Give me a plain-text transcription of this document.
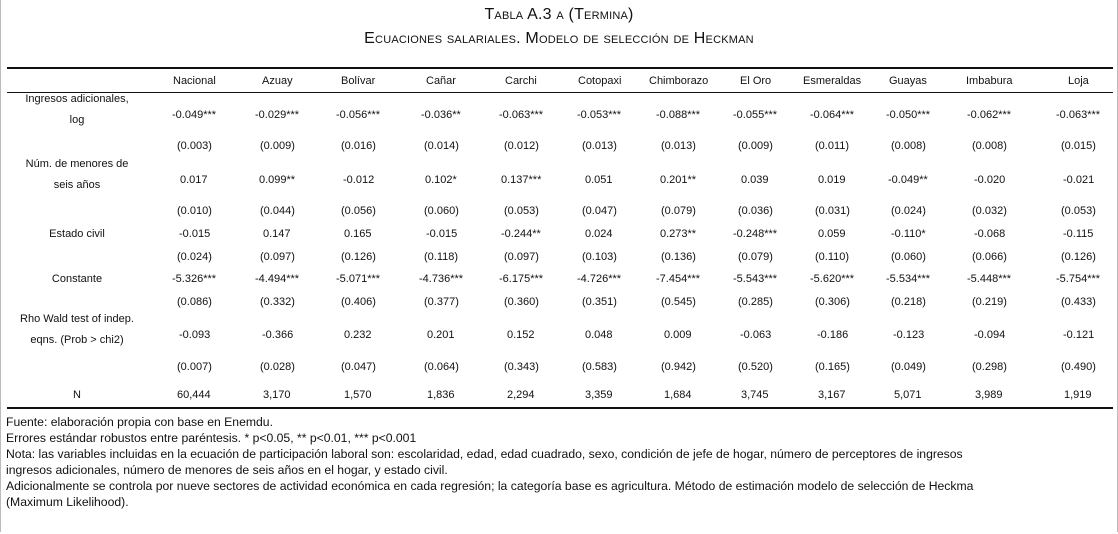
Tabla A.3 a (Termina)
Ecuaciones salariales. Modelo de selección de Heckman
Nacional	Azuay	Bolívar	Cañar	Carchi	Cotopaxi	Chimborazo	El Oro	Esmeraldas	Guayas	Imbabura	Loja
Ingresos adicionales,
log	-0.049***	-0.029***	-0.056***	-0.036**	-0.063***	-0.053***	-0.088***	-0.055***	-0.064***	-0.050***	-0.062***	-0.063***
(0.003)	(0.009)	(0.016)	(0.014)	(0.012)	(0.013)	(0.013)	(0.009)	(0.011)	(0.008)	(0.008)	(0.015)
Núm. de menores de
seis años	0.017	0.099**	-0.012	0.102*	0.137***	0.051	0.201**	0.039	0.019	-0.049**	-0.020	-0.021
(0.010)	(0.044)	(0.056)	(0.060)	(0.053)	(0.047)	(0.079)	(0.036)	(0.031)	(0.024)	(0.032)	(0.053)
Estado civil	-0.015	0.147	0.165	-0.015	-0.244**	0.024	0.273**	-0.248***	0.059	-0.110*	-0.068	-0.115
(0.024)	(0.097)	(0.126)	(0.118)	(0.097)	(0.103)	(0.136)	(0.079)	(0.110)	(0.060)	(0.066)	(0.126)
Constante	-5.326***	-4.494***	-5.071***	-4.736***	-6.175***	-4.726***	-7.454***	-5.543***	-5.620***	-5.534***	-5.448***	-5.754***
(0.086)	(0.332)	(0.406)	(0.377)	(0.360)	(0.351)	(0.545)	(0.285)	(0.306)	(0.218)	(0.219)	(0.433)
Rho Wald test of indep.
eqns. (Prob > chi2)	-0.093	-0.366	0.232	0.201	0.152	0.048	0.009	-0.063	-0.186	-0.123	-0.094	-0.121
(0.007)	(0.028)	(0.047)	(0.064)	(0.343)	(0.583)	(0.942)	(0.520)	(0.165)	(0.049)	(0.298)	(0.490)
N	60,444	3,170	1,570	1,836	2,294	3,359	1,684	3,745	3,167	5,071	3,989	1,919

Fuente: elaboración propia con base en Enemdu.

Errores estándar robustos entre paréntesis. * p<0.05, ** p<0.01, *** p<0.001

Nota: las variables incluidas en la ecuación de participación laboral son: escolaridad, edad, edad cuadrado, sexo, condición de jefe de hogar, número de perceptores de ingresos

ingresos adicionales, número de menores de seis años en el hogar, y estado civil.

Adicionalmente se controla por nueve sectores de actividad económica en cada regresión; la categoría base es agricultura. Método de estimación modelo de selección de Heckma

(Maximum Likelihood).
